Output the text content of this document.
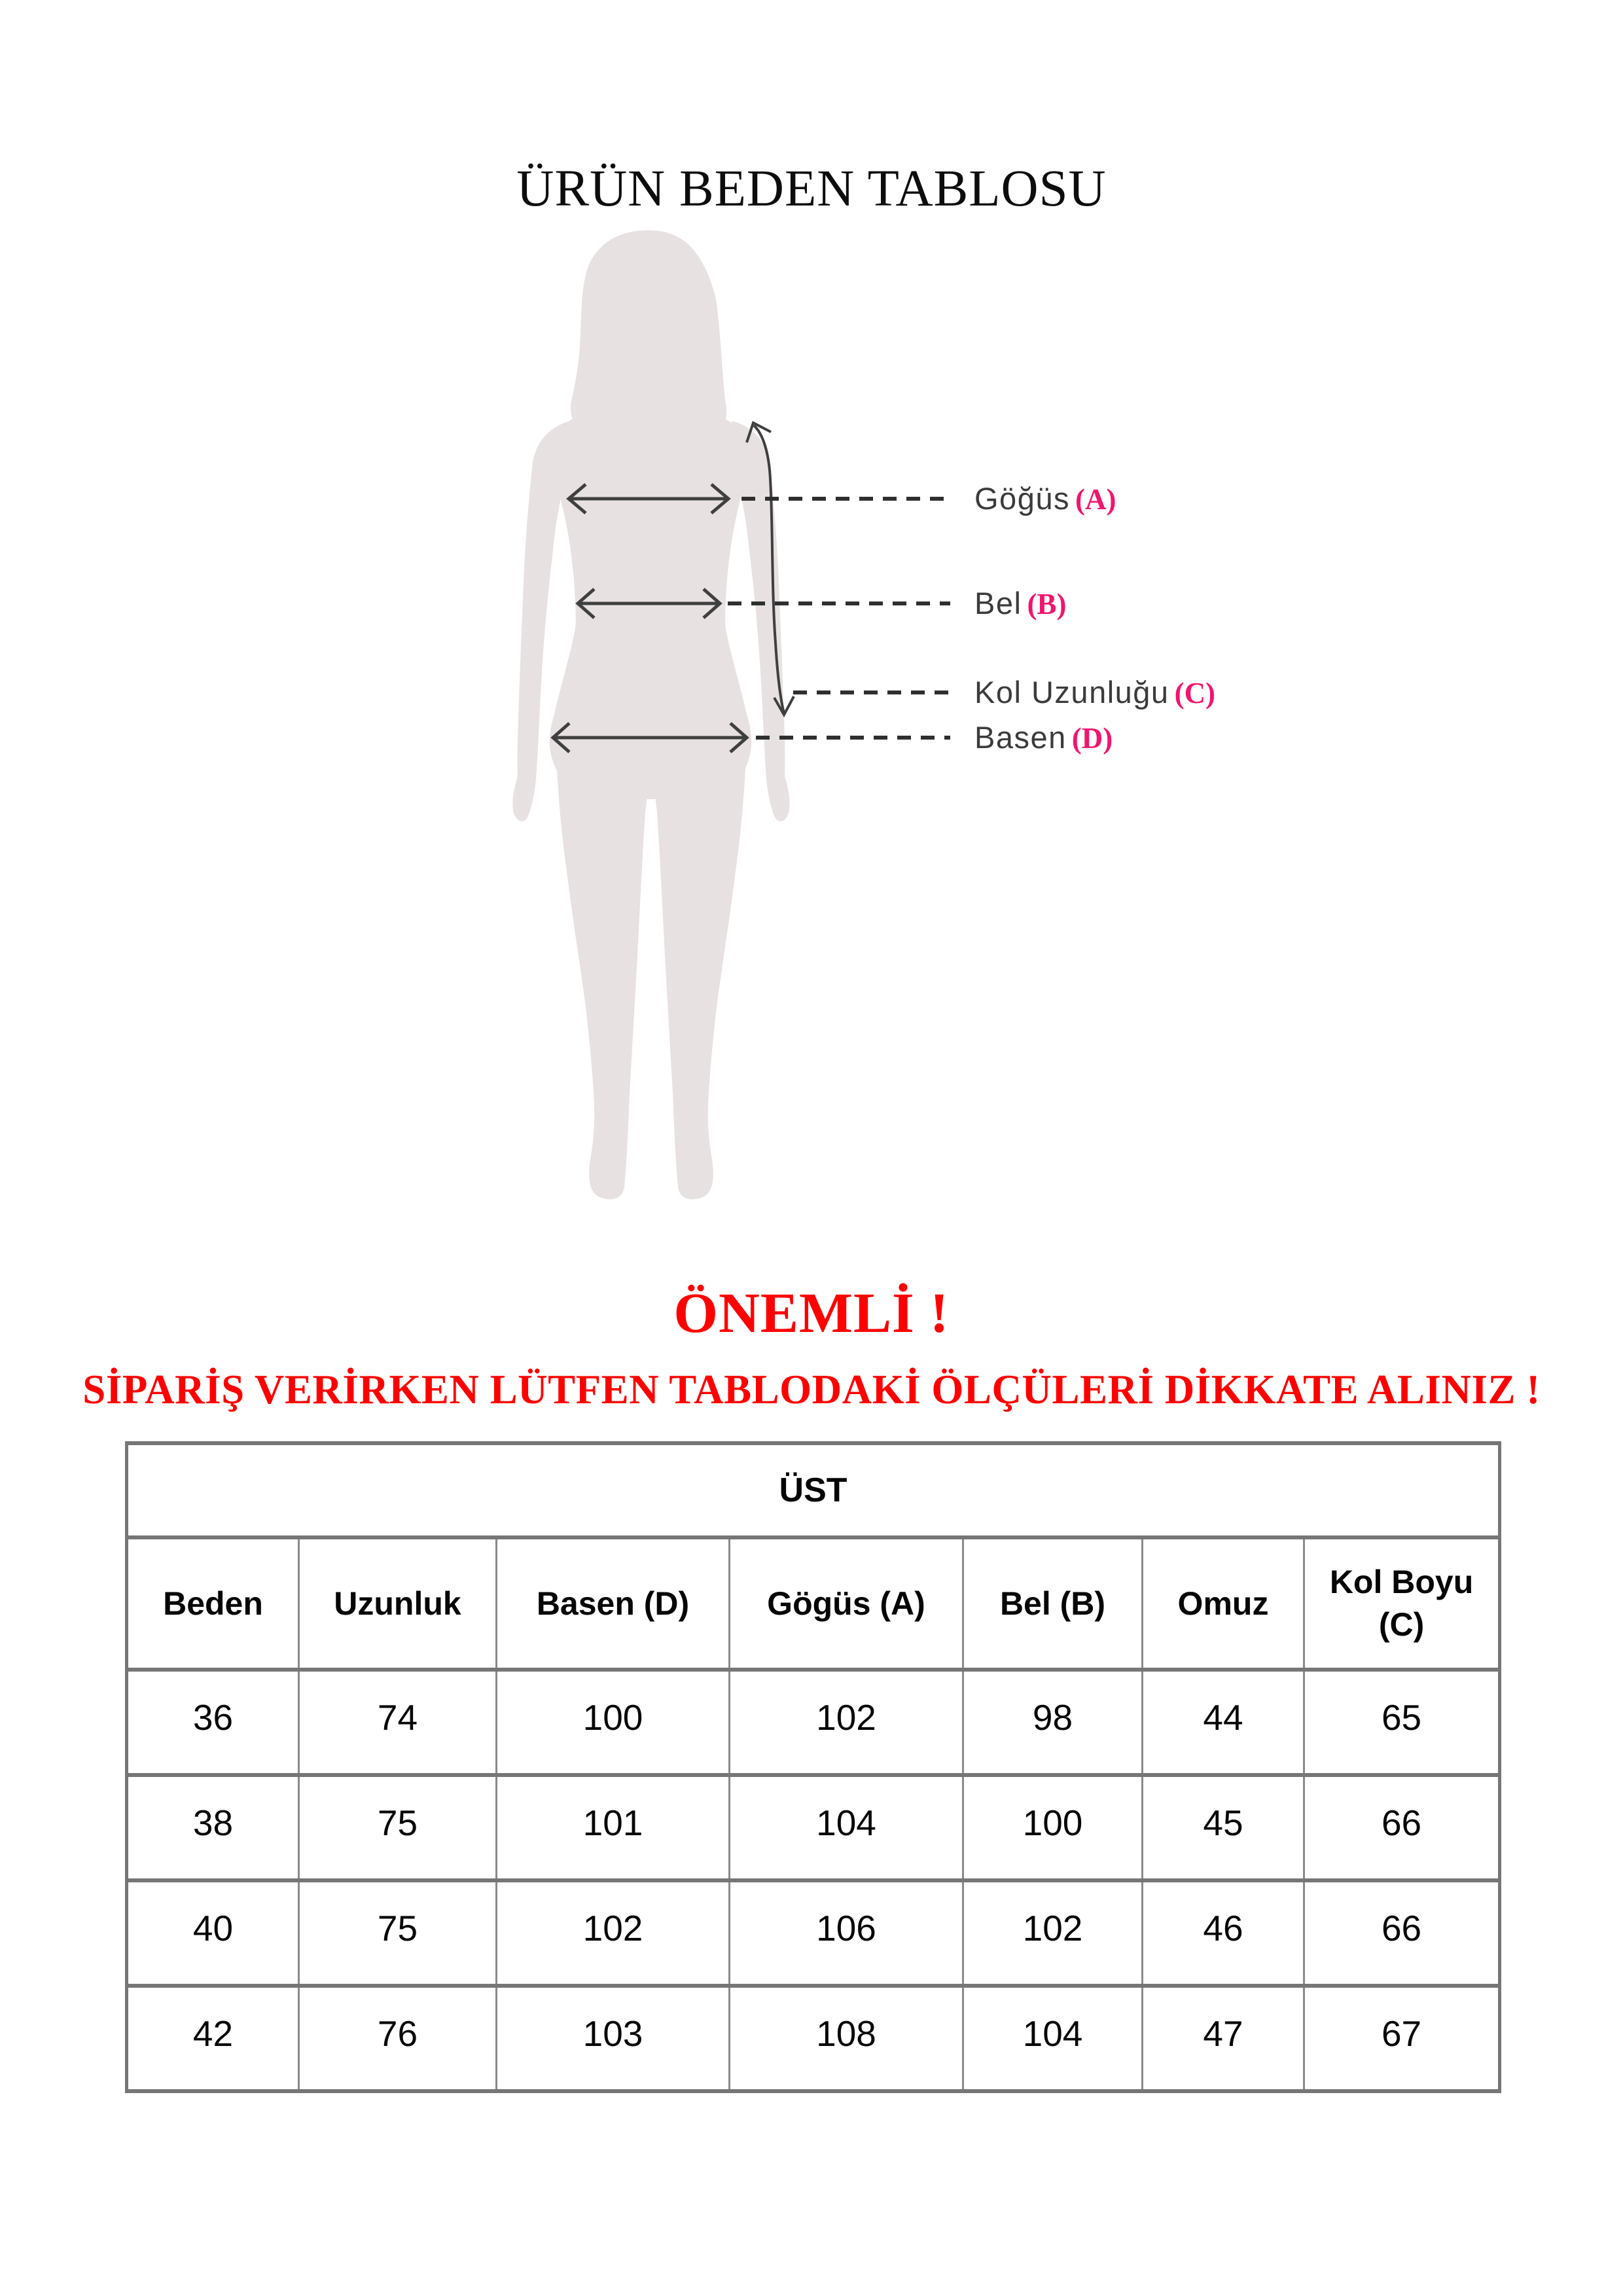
ÜRÜN BEDEN TABLOSU
Göğüs (A)
Bel (B)
Kol Uzunluğu (C)
Basen (D)
ÖNEMLİ !
SİPARİŞ VERİRKEN LÜTFEN TABLODAKİ ÖLÇÜLERİ DİKKATE ALINIZ !
ÜST						
Beden	Uzunluk	Basen (D)	Gögüs (A)	Bel (B)	Omuz	Kol Boyu (C)
36	74	100	102	98	44	65
38	75	101	104	100	45	66
40	75	102	106	102	46	66
42	76	103	108	104	47	67
